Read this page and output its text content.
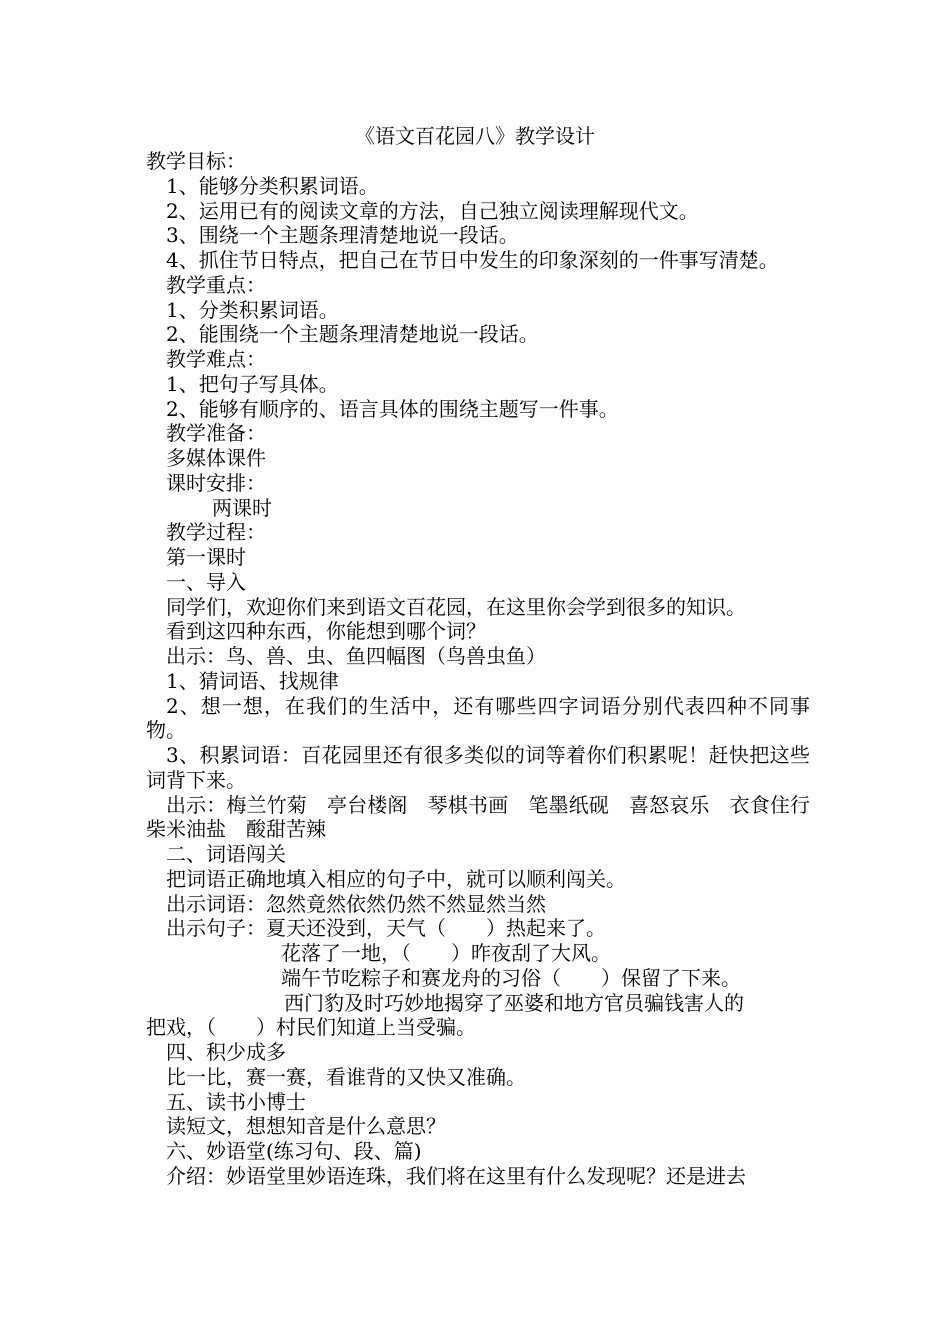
《语文百花园八》教学设计
教学目标：
1、能够分类积累词语。
2、运用已有的阅读文章的方法，自己独立阅读理解现代文。
3、围绕一个主题条理清楚地说一段话。
4、抓住节日特点，把自己在节日中发生的印象深刻的一件事写清楚。
教学重点：
1、分类积累词语。
2、能围绕一个主题条理清楚地说一段话。
教学难点：
1、把句子写具体。
2、能够有顺序的、语言具体的围绕主题写一件事。
教学准备：
多媒体课件
课时安排：
两课时
教学过程：
第一课时
一、导入
同学们，欢迎你们来到语文百花园，在这里你会学到很多的知识。
看到这四种东西，你能想到哪个词？
出示：鸟、兽、虫、鱼四幅图（鸟兽虫鱼）
1、猜词语、找规律
2、想一想，在我们的生活中，还有哪些四字词语分别代表四种不同事物。
3、积累词语：百花园里还有很多类似的词等着你们积累呢！赶快把这些词背下来。
出示：梅兰竹菊　亭台楼阁　琴棋书画　笔墨纸砚　喜怒哀乐　衣食住行　柴米油盐　酸甜苦辣
二、词语闯关
把词语正确地填入相应的句子中，就可以顺利闯关。
出示词语：忽然竟然依然仍然不然显然当然
出示句子：夏天还没到，天气（　　）热起来了。
花落了一地，（　　）昨夜刮了大风。
端午节吃粽子和赛龙舟的习俗（　　）保留了下来。
西门豹及时巧妙地揭穿了巫婆和地方官员骗钱害人的
把戏，（　　）村民们知道上当受骗。
四、积少成多
比一比，赛一赛，看谁背的又快又准确。
五、读书小博士
读短文，想想知音是什么意思？
六、妙语堂(练习句、段、篇)
介绍：妙语堂里妙语连珠，我们将在这里有什么发现呢？还是进去
